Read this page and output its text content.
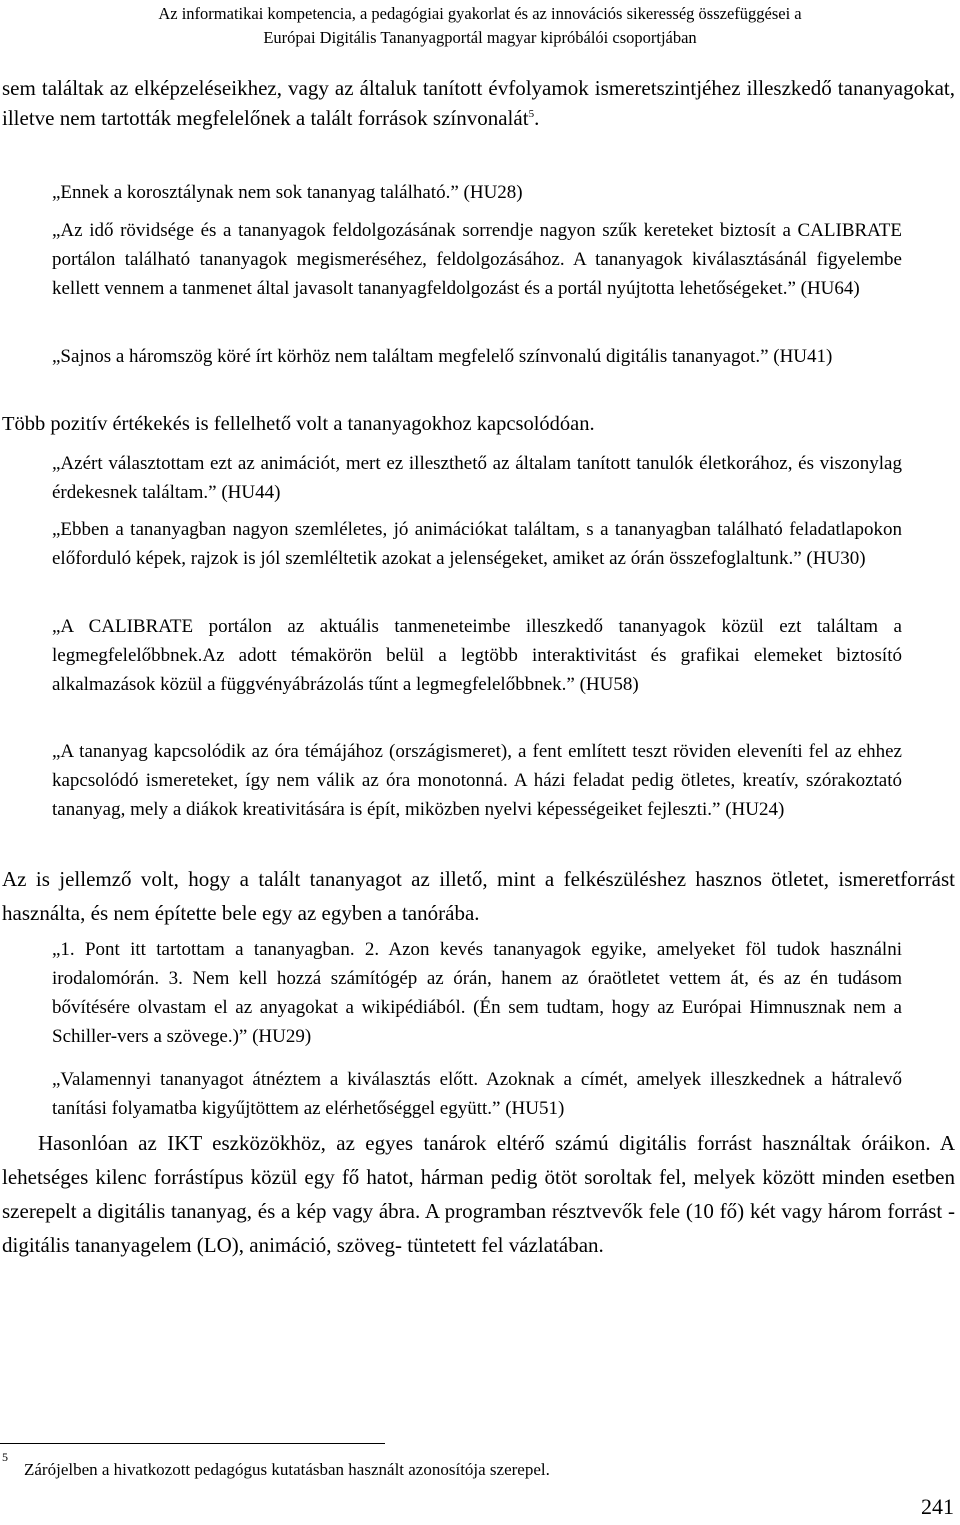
Az informatikai kompetencia, a pedagógiai gyakorlat és az innovációs sikeresség összefüggései a
Európai Digitális Tananyagportál magyar kipróbálói csoportjában

sem találtak az elképzeléseikhez, vagy az általuk tanított évfolyamok ismeretszintjéhez illeszkedő tananyagokat, illetve nem tartották megfelelőnek a talált források színvonalát$^5$.

„Ennek a korosztálynak nem sok tananyag található.” (HU28)

„Az idő rövidsége és a tananyagok feldolgozásának sorrendje nagyon szűk kereteket biztosít a CALIBRATE portálon található tananyagok megismeréséhez, feldolgozásához. A tananyagok kiválasztásánál figyelembe kellett vennem a tanmenet által javasolt tananyagfeldolgozást és a portál nyújtotta lehetőségeket.” (HU64)

„Sajnos a háromszög köré írt körhöz nem találtam megfelelő színvonalú digitális tananyagot.” (HU41)

Több pozitív értékekés is fellelhető volt a tananyagokhoz kapcsolódóan.

„Azért választottam ezt az animációt, mert ez illeszthető az általam tanított tanulók életkorához, és viszonylag érdekesnek találtam.” (HU44)

„Ebben a tananyagban nagyon szemléletes, jó animációkat találtam, s a tananyagban található feladatlapokon előforduló képek, rajzok is jól szemléltetik azokat a jelenségeket, amiket az órán összefoglaltunk.” (HU30)

„A CALIBRATE portálon az aktuális tanmeneteimbe illeszkedő tananyagok közül ezt találtam a legmegfelelőbbnek.Az adott témakörön belül a legtöbb interaktivitást és grafikai elemeket biztosító alkalmazások közül a függvényábrázolás tűnt a legmegfelelőbbnek.” (HU58)

„A tananyag kapcsolódik az óra témájához (országismeret), a fent említett teszt röviden eleveníti fel az ehhez kapcsolódó ismereteket, így nem válik az óra monotonná. A házi feladat pedig ötletes, kreatív, szórakoztató tananyag, mely a diákok kreativitására is épít, miközben nyelvi képességeiket fejleszti.” (HU24)

Az is jellemző volt, hogy a talált tananyagot az illető, mint a felkészüléshez hasznos ötletet, ismeretforrást használta, és nem építette bele egy az egyben a tanórába.

„1. Pont itt tartottam a tananyagban. 2. Azon kevés tananyagok egyike, amelyeket föl tudok használni irodalomórán. 3. Nem kell hozzá számítógép az órán, hanem az óraötletet vettem át, és az én tudásom bővítésére olvastam el az anyagokat a wikipédiából. (Én sem tudtam, hogy az Európai Himnusznak nem a Schiller-vers a szövege.)” (HU29)

„Valamennyi tananyagot átnéztem a kiválasztás előtt. Azoknak a címét, amelyek illeszkednek a hátralevő tanítási folyamatba kigyűjtöttem az elérhetőséggel együtt.” (HU51)

Hasonlóan az IKT eszközökhöz, az egyes tanárok eltérő számú digitális forrást használtak óráikon. A lehetséges kilenc forrástípus közül egy fő hatot, hárman pedig ötöt soroltak fel, melyek között minden esetben szerepelt a digitális tananyag, és a kép vagy ábra. A programban résztvevők fele (10 fő) két vagy három forrást -digitális tananyagelem (LO), animáció, szöveg- tüntetett fel vázlatában.

5
Zárójelben a hivatkozott pedagógus kutatásban használt azonosítója szerepel.
241
